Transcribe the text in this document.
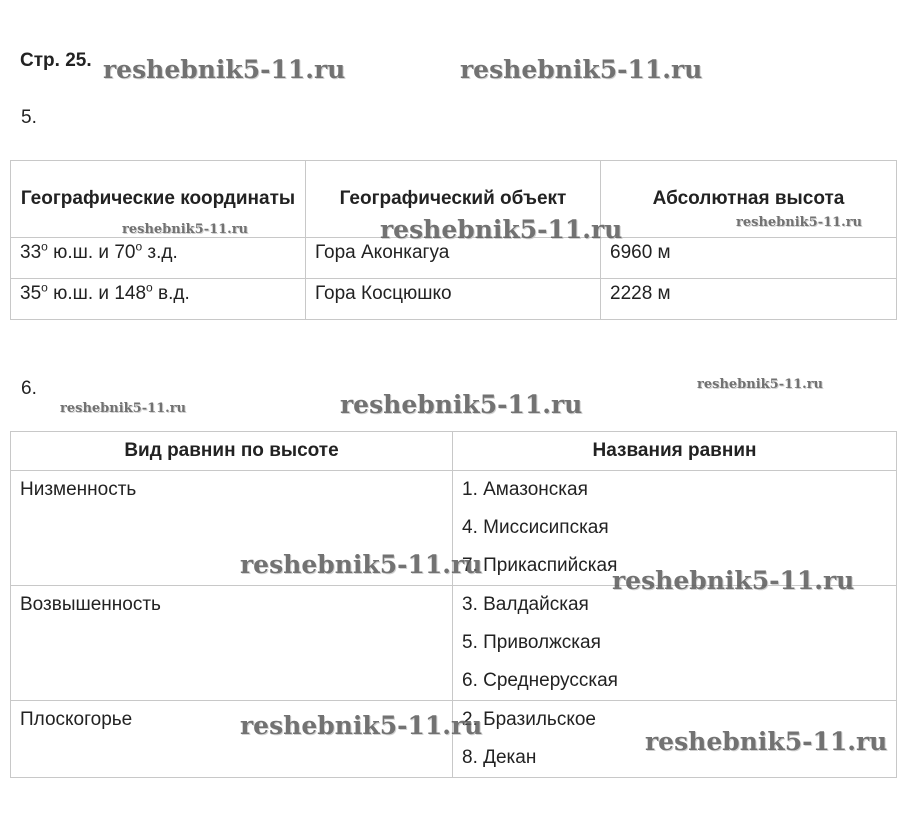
Стр. 25.
5.
Географические координаты	Географический объект	Абсолютная высота
$33^о$ ю.ш. и $70^о$ з.д.	Гора Аконкагуа	6960 м
$35^о$ ю.ш. и $148^о$ в.д.	Гора Косцюшко	2228 м
6.
Вид равнин по высоте	Названия равнин
Низменность	1. Амазонская
4. Миссисипская
7. Прикаспийская

Возвышенность	3. Валдайская
5. Приволжская
6. Среднерусская

Плоскогорье	2. Бразильское
8. Декан
reshebnik5-11.ru	reshebnik5-11.ru
reshebnik5-11.ru	reshebnik5-11.ru	reshebnik5-11.ru
reshebnik5-11.ru
reshebnik5-11.ru	reshebnik5-11.ru
reshebnik5-11.ru
reshebnik5-11.ru
reshebnik5-11.ru
reshebnik5-11.ru
